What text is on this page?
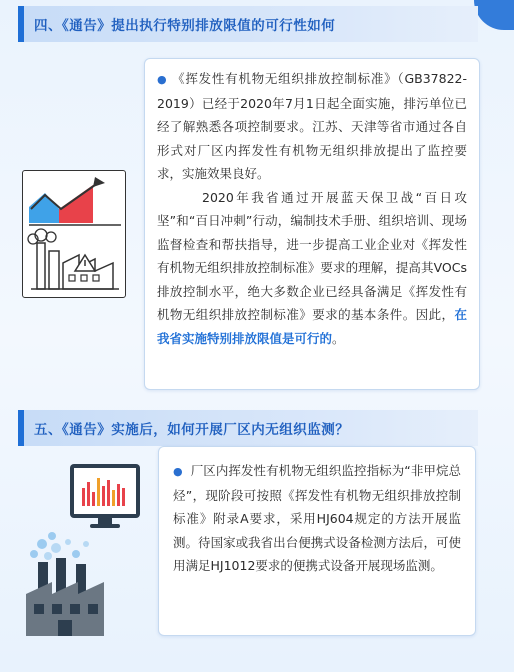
四、《通告》提出执行特别排放限值的可行性如何

● 《挥发性有机物无组织排放控制标准》（GB37822-2019）已经于2020年7月1日起全面实施，排污单位已经了解熟悉各项控制要求。江苏、天津等省市通过各自形式对厂区内挥发性有机物无组织排放提出了监控要求，实施效果良好。

2020年我省通过开展蓝天保卫战“百日攻坚”和“百日冲刺”行动，编制技术手册、组织培训、现场监督检查和帮扶指导，进一步提高工业企业对《挥发性有机物无组织排放控制标准》要求的理解，提高其VOCs排放控制水平，绝大多数企业已经具备满足《挥发性有机物无组织排放控制标准》要求的基本条件。因此，在我省实施特别排放限值是可行的。

五、《通告》实施后，如何开展厂区内无组织监测？

● 厂区内挥发性有机物无组织监控指标为“非甲烷总烃”，现阶段可按照《挥发性有机物无组织排放控制标准》附录A要求，采用HJ604规定的方法开展监测。待国家或我省出台便携式设备检测方法后，可使用满足HJ1012要求的便携式设备开展现场监测。
